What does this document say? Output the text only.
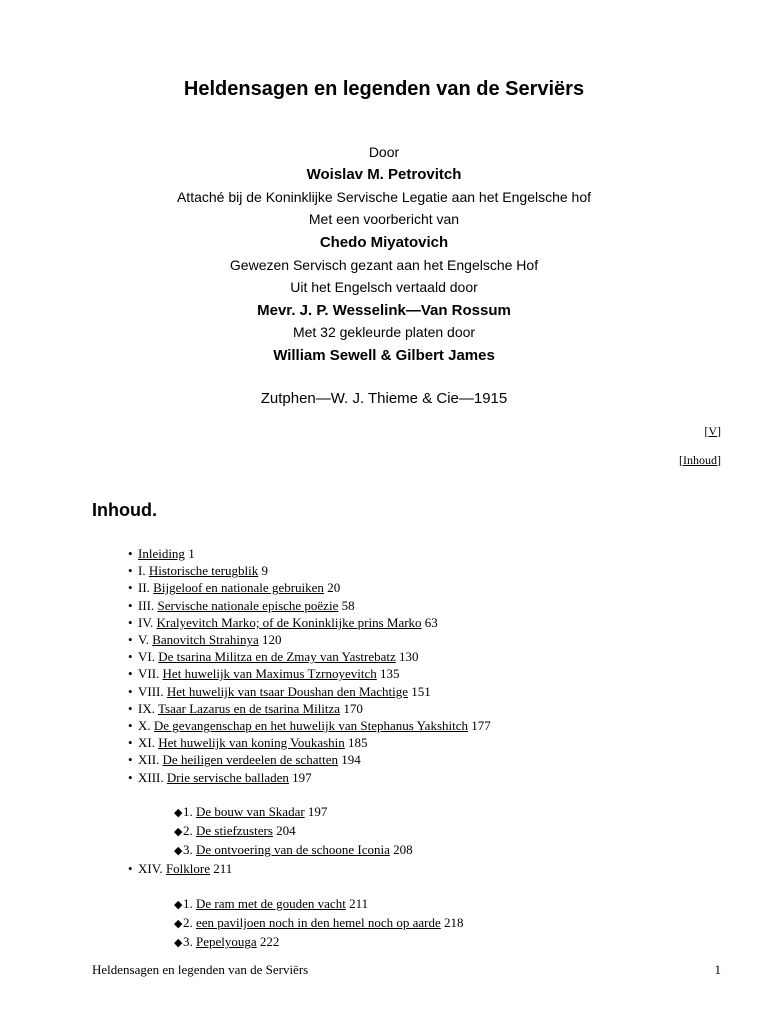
Heldensagen en legenden van de Serviërs
Door
Woislav M. Petrovitch
Attaché bij de Koninklijke Servische Legatie aan het Engelsche hof
Met een voorbericht van
Chedo Miyatovich
Gewezen Servisch gezant aan het Engelsche Hof
Uit het Engelsch vertaald door
Mevr. J. P. Wesselink—Van Rossum
Met 32 gekleurde platen door
William Sewell & Gilbert James
Zutphen—W. J. Thieme & Cie—1915
[V]
[Inhoud]
Inhoud.
• Inleiding 1
• I. Historische terugblik 9
• II. Bijgeloof en nationale gebruiken 20
• III. Servische nationale epische poëzie 58
• IV. Kralyevitch Marko; of de Koninklijke prins Marko 63
• V. Banovitch Strahinya 120
• VI. De tsarina Militza en de Zmay van Yastrebatz 130
• VII. Het huwelijk van Maximus Tzrnoyevitch 135
• VIII. Het huwelijk van tsaar Doushan den Machtige 151
• IX. Tsaar Lazarus en de tsarina Militza 170
• X. De gevangenschap en het huwelijk van Stephanus Yakshitch 177
• XI. Het huwelijk van koning Voukashin 185
• XII. De heiligen verdeelen de schatten 194
• XIII. Drie servische balladen 197
◆1. De bouw van Skadar 197
◆2. De stiefzusters 204
◆3. De ontvoering van de schoone Iconia 208
• XIV. Folklore 211
◆1. De ram met de gouden vacht 211
◆2. een paviljoen noch in den hemel noch op aarde 218
◆3. Pepelyouga 222
Heldensagen en legenden van de Serviërs	1
